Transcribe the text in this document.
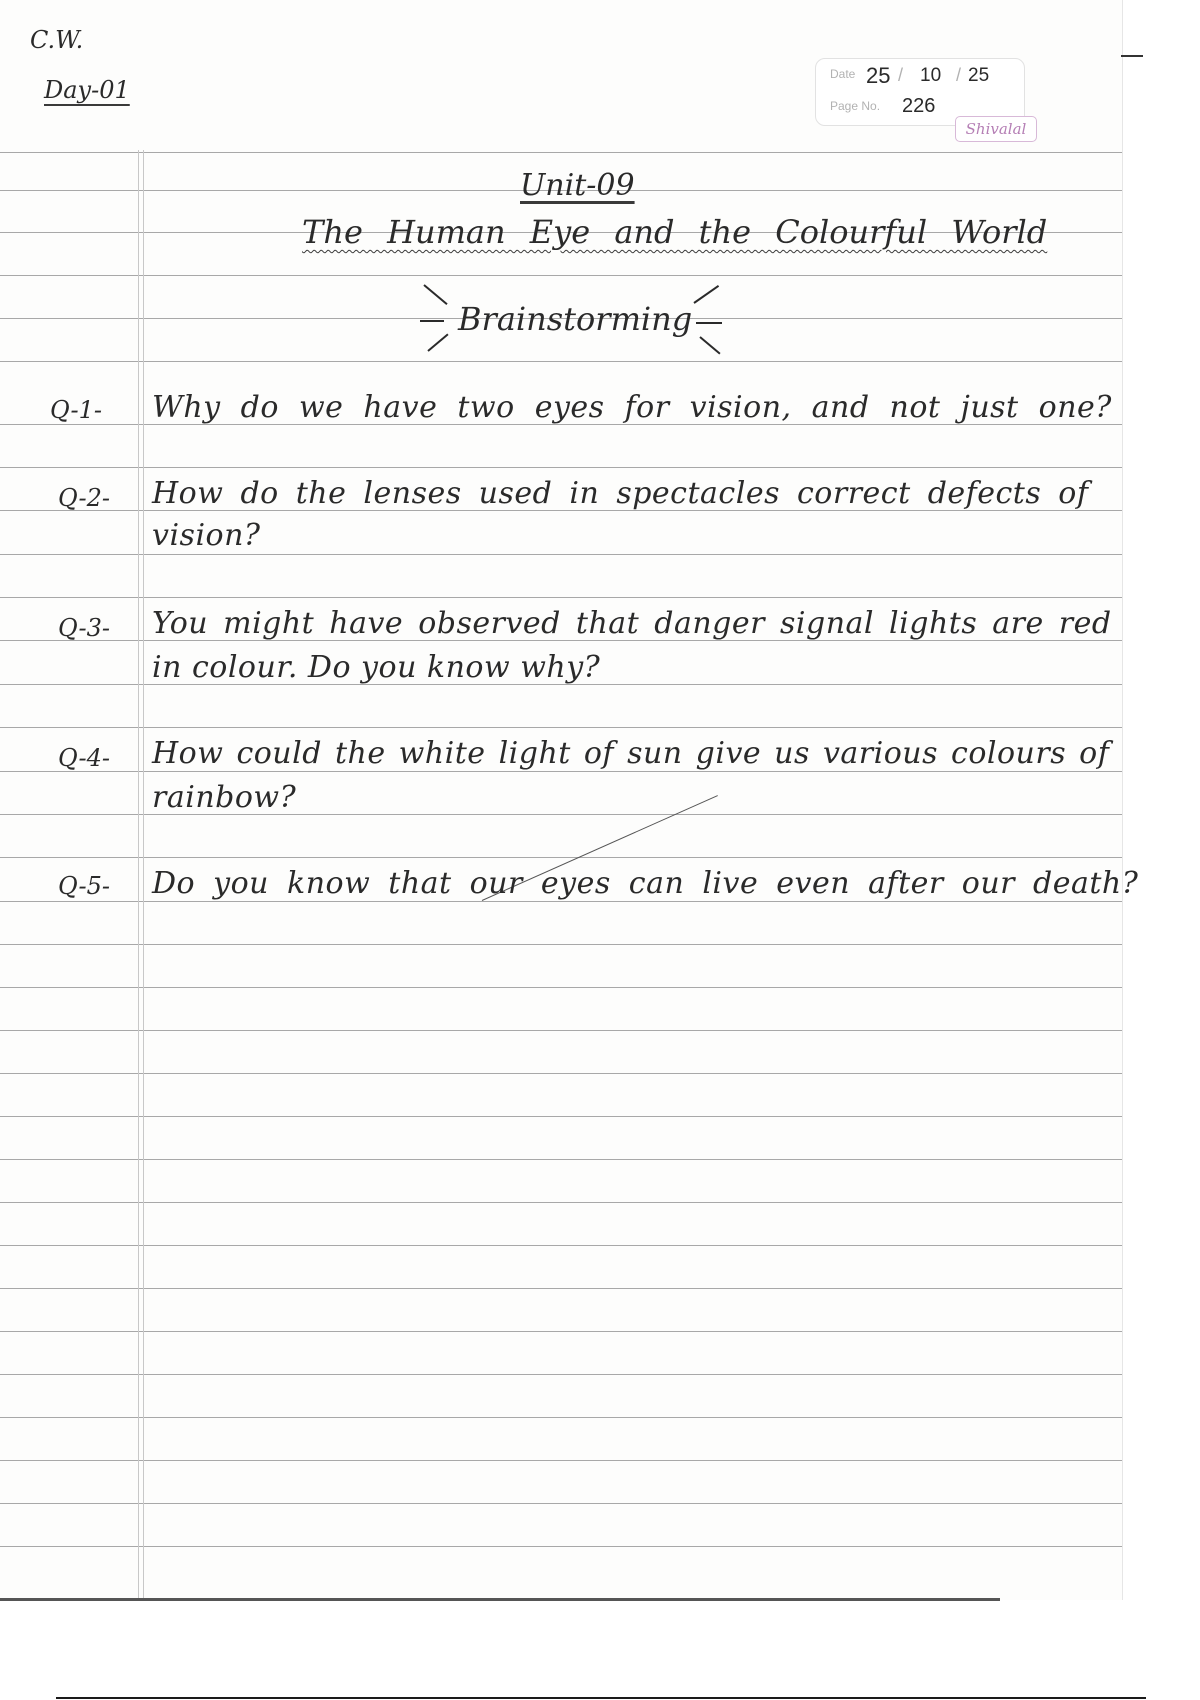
C.W.
Day-01
Date 25 / 10 / 25
Page No. 226
Shivalal
Unit-09
The Human Eye and the Colourful World
Brainstorming
Q-1- Why do we have two eyes for vision, and not just one?
Q-2- How do the lenses used in spectacles correct defects of
vision?
Q-3- You might have observed that danger signal lights are red
in colour. Do you know why?
Q-4- How could the white light of sun give us various colours of
rainbow?
Q-5- Do you know that our eyes can live even after our death?
